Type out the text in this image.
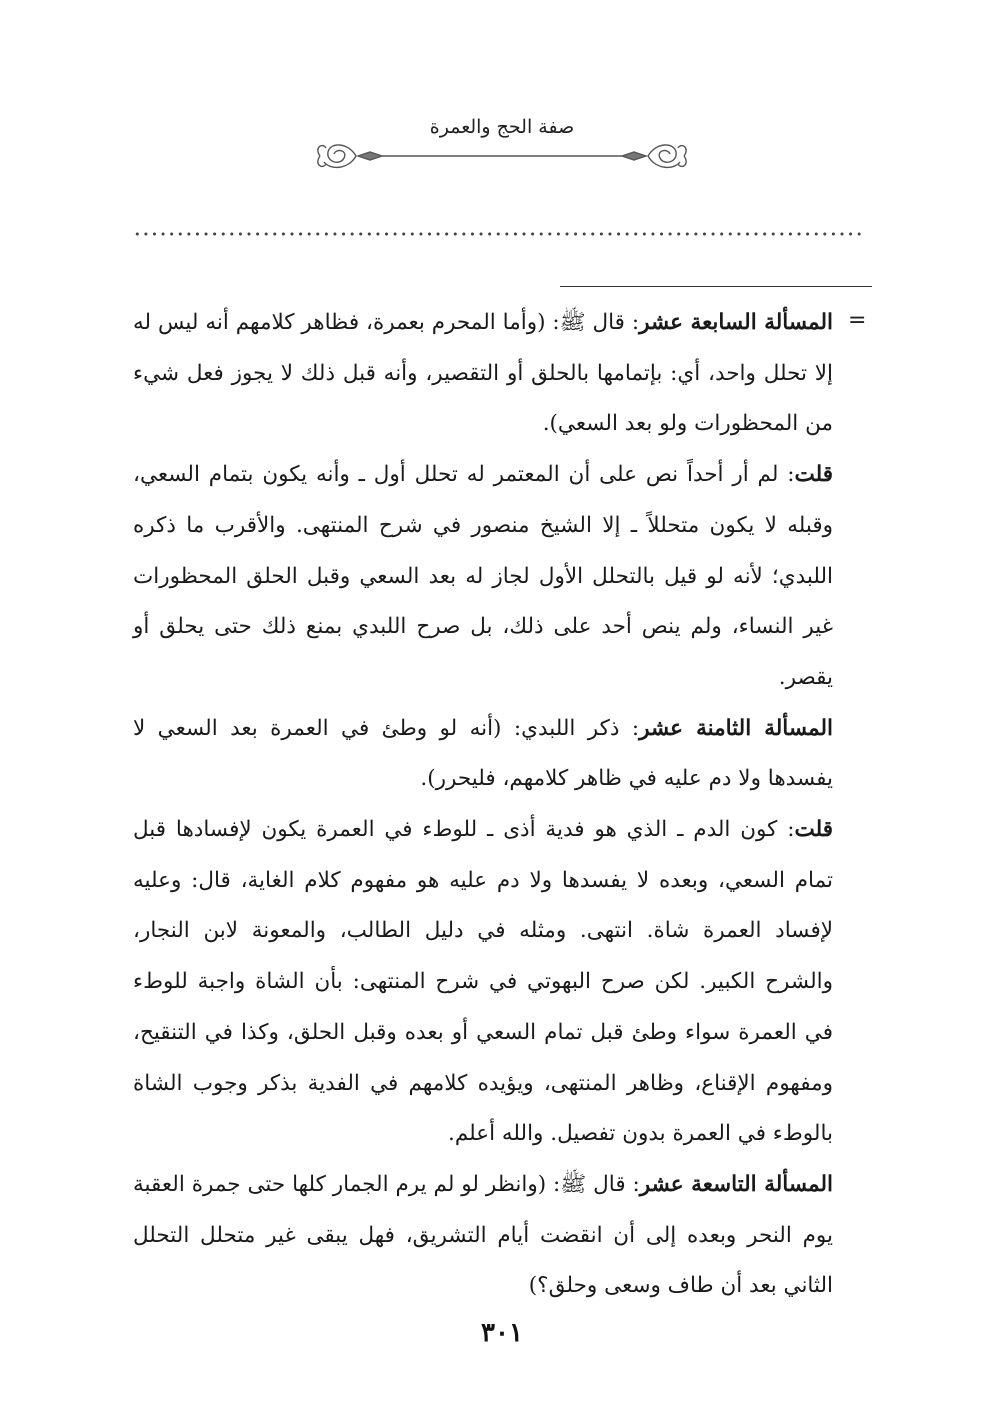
صفة الحج والعمرة
=

المسألة السابعة عشر: قال ﷺ: (وأما المحرم بعمرة، فظاهر كلامهم أنه ليس له إلا تحلل واحد، أي: بإتمامها بالحلق أو التقصير، وأنه قبل ذلك لا يجوز فعل شيء من المحظورات ولو بعد السعي).

قلت: لم أر أحداً نص على أن المعتمر له تحلل أول ـ وأنه يكون بتمام السعي، وقبله لا يكون متحللاً ـ إلا الشيخ منصور في شرح المنتهى. والأقرب ما ذكره اللبدي؛ لأنه لو قيل بالتحلل الأول لجاز له بعد السعي وقبل الحلق المحظورات غير النساء، ولم ينص أحد على ذلك، بل صرح اللبدي بمنع ذلك حتى يحلق أو يقصر.

المسألة الثامنة عشر: ذكر اللبدي: (أنه لو وطئ في العمرة بعد السعي لا يفسدها ولا دم عليه في ظاهر كلامهم، فليحرر).

قلت: كون الدم ـ الذي هو فدية أذى ـ للوطء في العمرة يكون لإفسادها قبل تمام السعي، وبعده لا يفسدها ولا دم عليه هو مفهوم كلام الغاية، قال: وعليه لإفساد العمرة شاة. انتهى. ومثله في دليل الطالب، والمعونة لابن النجار، والشرح الكبير. لكن صرح البهوتي في شرح المنتهى: بأن الشاة واجبة للوطء في العمرة سواء وطئ قبل تمام السعي أو بعده وقبل الحلق، وكذا في التنقيح، ومفهوم الإقناع، وظاهر المنتهى، ويؤيده كلامهم في الفدية بذكر وجوب الشاة بالوطء في العمرة بدون تفصيل. والله أعلم.

المسألة التاسعة عشر: قال ﷺ: (وانظر لو لم يرم الجمار كلها حتى جمرة العقبة يوم النحر وبعده إلى أن انقضت أيام التشريق، فهل يبقى غير متحلل التحلل الثاني بعد أن طاف وسعى وحلق؟)

٣٠١
